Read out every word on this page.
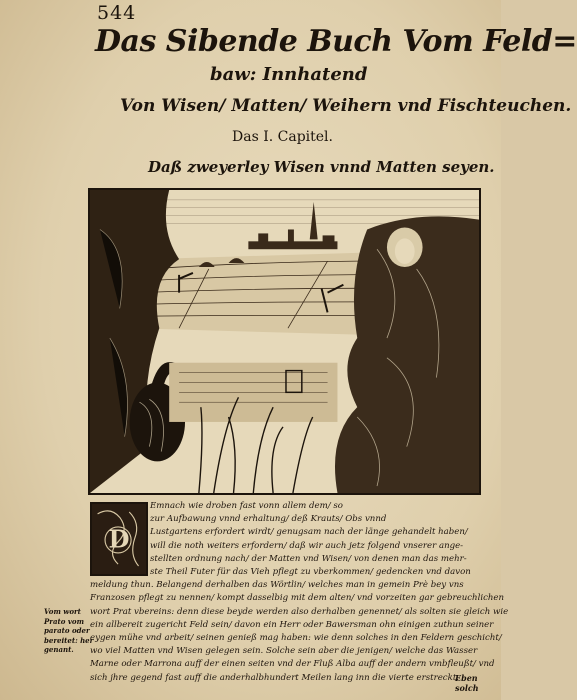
544
Das Sibende Buch Vom Feld=
baw: Innhatend
Von Wisen/ Matten/ Weihern vnd Fischteuchen.
Das I. Capitel.
Daß zweyerley Wisen vnnd Matten seyen.
D
Emnach wie droben fast vonn allem dem/ so
zur Aufbawung vnnd erhaltung/ deß Krauts/ Obs vnnd
Lustgartens erfordert wirdt/ genugsam nach der länge gehandelt haben/
will die noth weiters erfordern/ daß wir auch jetz folgend vnserer ange-
stellten ordnung nach/ der Matten vnd Wisen/ von denen man das mehr-
ste Theil Futer für das Vieh pflegt zu vberkommen/ gedencken vnd davon
meldung thun. Belangend derhalben das Wörtlin/ welches man in gemein Prè bey vns
Franzosen pflegt zu nennen/ kompt dasselbig mit dem alten/ vnd vorzeiten gar gebreuchlichen
wort Prat vbereins: denn diese beyde werden also derhalben genennet/ als solten sie gleich wie
ein allbereit zugericht Feld sein/ davon ein Herr oder Bawersman ohn einigen zuthun seiner
eygen mühe vnd arbeit/ seinen genieß mag haben: wie denn solches in den Feldern geschicht/
wo viel Matten vnd Wisen gelegen sein. Solche sein aber die jenigen/ welche das Wasser
Marne oder Marrona auff der einen seiten vnd der Fluß Alba auff der andern vmbfleußt/ vnd
sich jhre gegend fast auff die anderhalbhundert Meilen lang inn die vierte erstreckt.
Vom wort
Prato vom
parato oder
bereitet: her
genant.
Eben
solch
